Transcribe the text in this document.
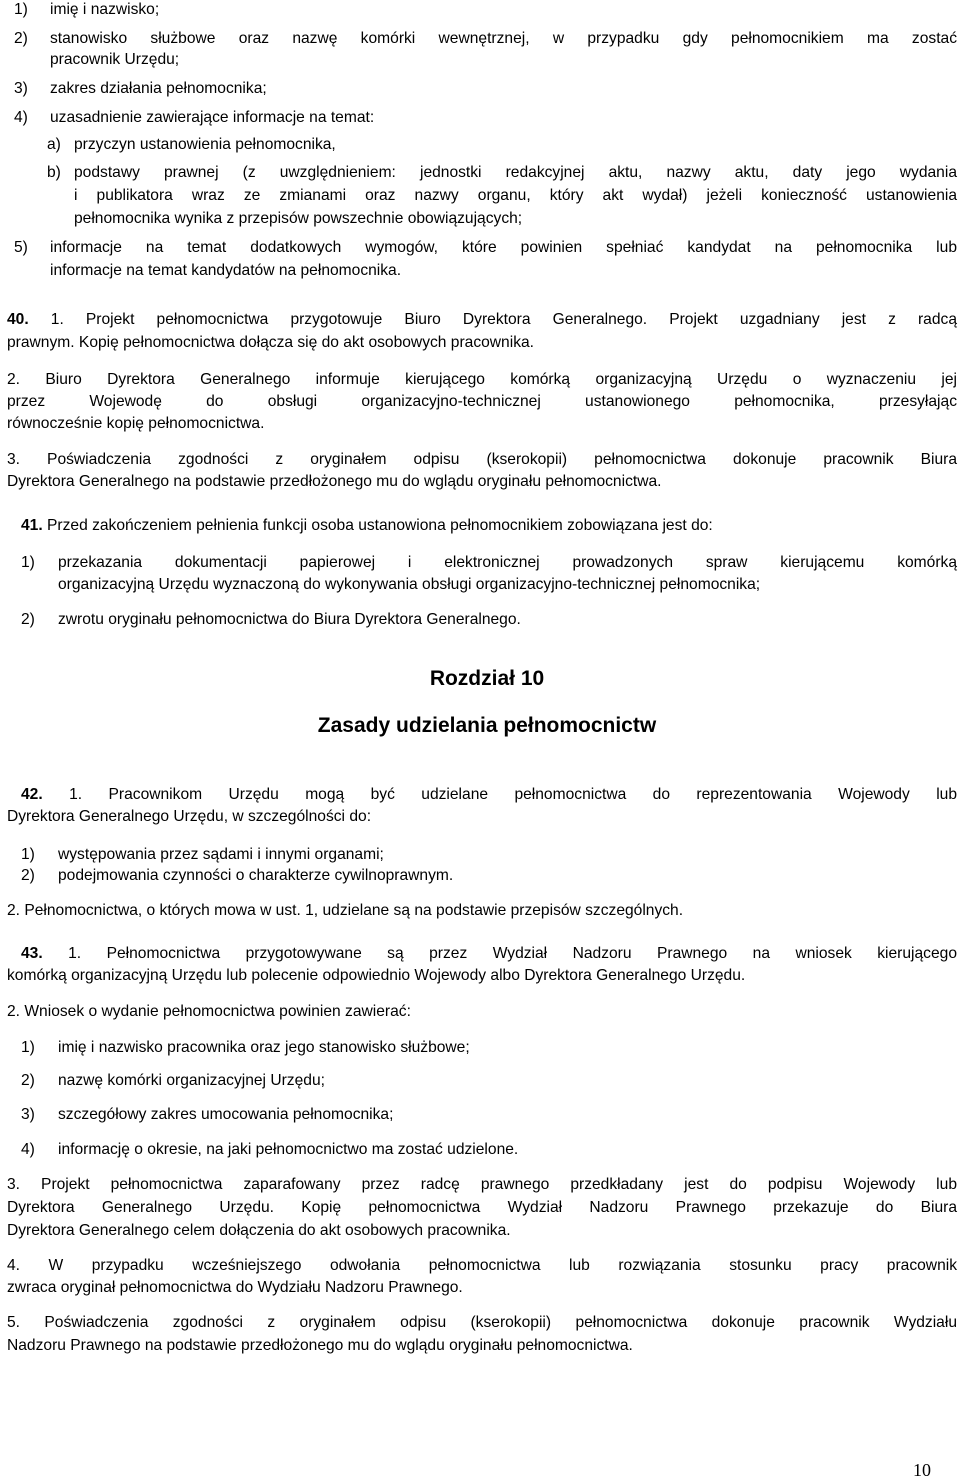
1) imię i nazwisko;
2) stanowisko służbowe oraz nazwę komórki wewnętrznej, w przypadku gdy pełnomocnikiem ma zostać
pracownik Urzędu;
3) zakres działania pełnomocnika;
4) uzasadnienie zawierające informacje na temat:
a) przyczyn ustanowienia pełnomocnika,
b) podstawy prawnej (z uwzględnieniem: jednostki redakcyjnej aktu, nazwy aktu, daty jego wydania
i publikatora wraz ze zmianami oraz nazwy organu, który akt wydał) jeżeli konieczność ustanowienia
pełnomocnika wynika z przepisów powszechnie obowiązujących;
5) informacje na temat dodatkowych wymogów, które powinien spełniać kandydat na pełnomocnika lub
informacje na temat kandydatów na pełnomocnika.
40. 1. Projekt pełnomocnictwa przygotowuje Biuro Dyrektora Generalnego. Projekt uzgadniany jest z radcą
prawnym. Kopię pełnomocnictwa dołącza się do akt osobowych pracownika.
2. Biuro Dyrektora Generalnego informuje kierującego komórką organizacyjną Urzędu o wyznaczeniu jej
przez Wojewodę do obsługi organizacyjno-technicznej ustanowionego pełnomocnika, przesyłając
równocześnie kopię pełnomocnictwa.
3. Poświadczenia zgodności z oryginałem odpisu (kserokopii) pełnomocnictwa dokonuje pracownik Biura
Dyrektora Generalnego na podstawie przedłożonego mu do wglądu oryginału pełnomocnictwa.
41. Przed zakończeniem pełnienia funkcji osoba ustanowiona pełnomocnikiem zobowiązana jest do:
1) przekazania dokumentacji papierowej i elektronicznej prowadzonych spraw kierującemu komórką
organizacyjną Urzędu wyznaczoną do wykonywania obsługi organizacyjno-technicznej pełnomocnika;
2) zwrotu oryginału pełnomocnictwa do Biura Dyrektora Generalnego.
Rozdział 10
Zasady udzielania pełnomocnictw
42. 1. Pracownikom Urzędu mogą być udzielane pełnomocnictwa do reprezentowania Wojewody lub
Dyrektora Generalnego Urzędu, w szczególności do:
1) występowania przez sądami i innymi organami;
2) podejmowania czynności o charakterze cywilnoprawnym.
2. Pełnomocnictwa, o których mowa w ust. 1, udzielane są na podstawie przepisów szczególnych.
43. 1. Pełnomocnictwa przygotowywane są przez Wydział Nadzoru Prawnego na wniosek kierującego
komórką organizacyjną Urzędu lub polecenie odpowiednio Wojewody albo Dyrektora Generalnego Urzędu.
2. Wniosek o wydanie pełnomocnictwa powinien zawierać:
1) imię i nazwisko pracownika oraz jego stanowisko służbowe;
2) nazwę komórki organizacyjnej Urzędu;
3) szczegółowy zakres umocowania pełnomocnika;
4) informację o okresie, na jaki pełnomocnictwo ma zostać udzielone.
3. Projekt pełnomocnictwa zaparafowany przez radcę prawnego przedkładany jest do podpisu Wojewody lub
Dyrektora Generalnego Urzędu. Kopię pełnomocnictwa Wydział Nadzoru Prawnego przekazuje do Biura
Dyrektora Generalnego celem dołączenia do akt osobowych pracownika.
4. W przypadku wcześniejszego odwołania pełnomocnictwa lub rozwiązania stosunku pracy pracownik
zwraca oryginał pełnomocnictwa do Wydziału Nadzoru Prawnego.
5. Poświadczenia zgodności z oryginałem odpisu (kserokopii) pełnomocnictwa dokonuje pracownik Wydziału
Nadzoru Prawnego na podstawie przedłożonego mu do wglądu oryginału pełnomocnictwa.
10
